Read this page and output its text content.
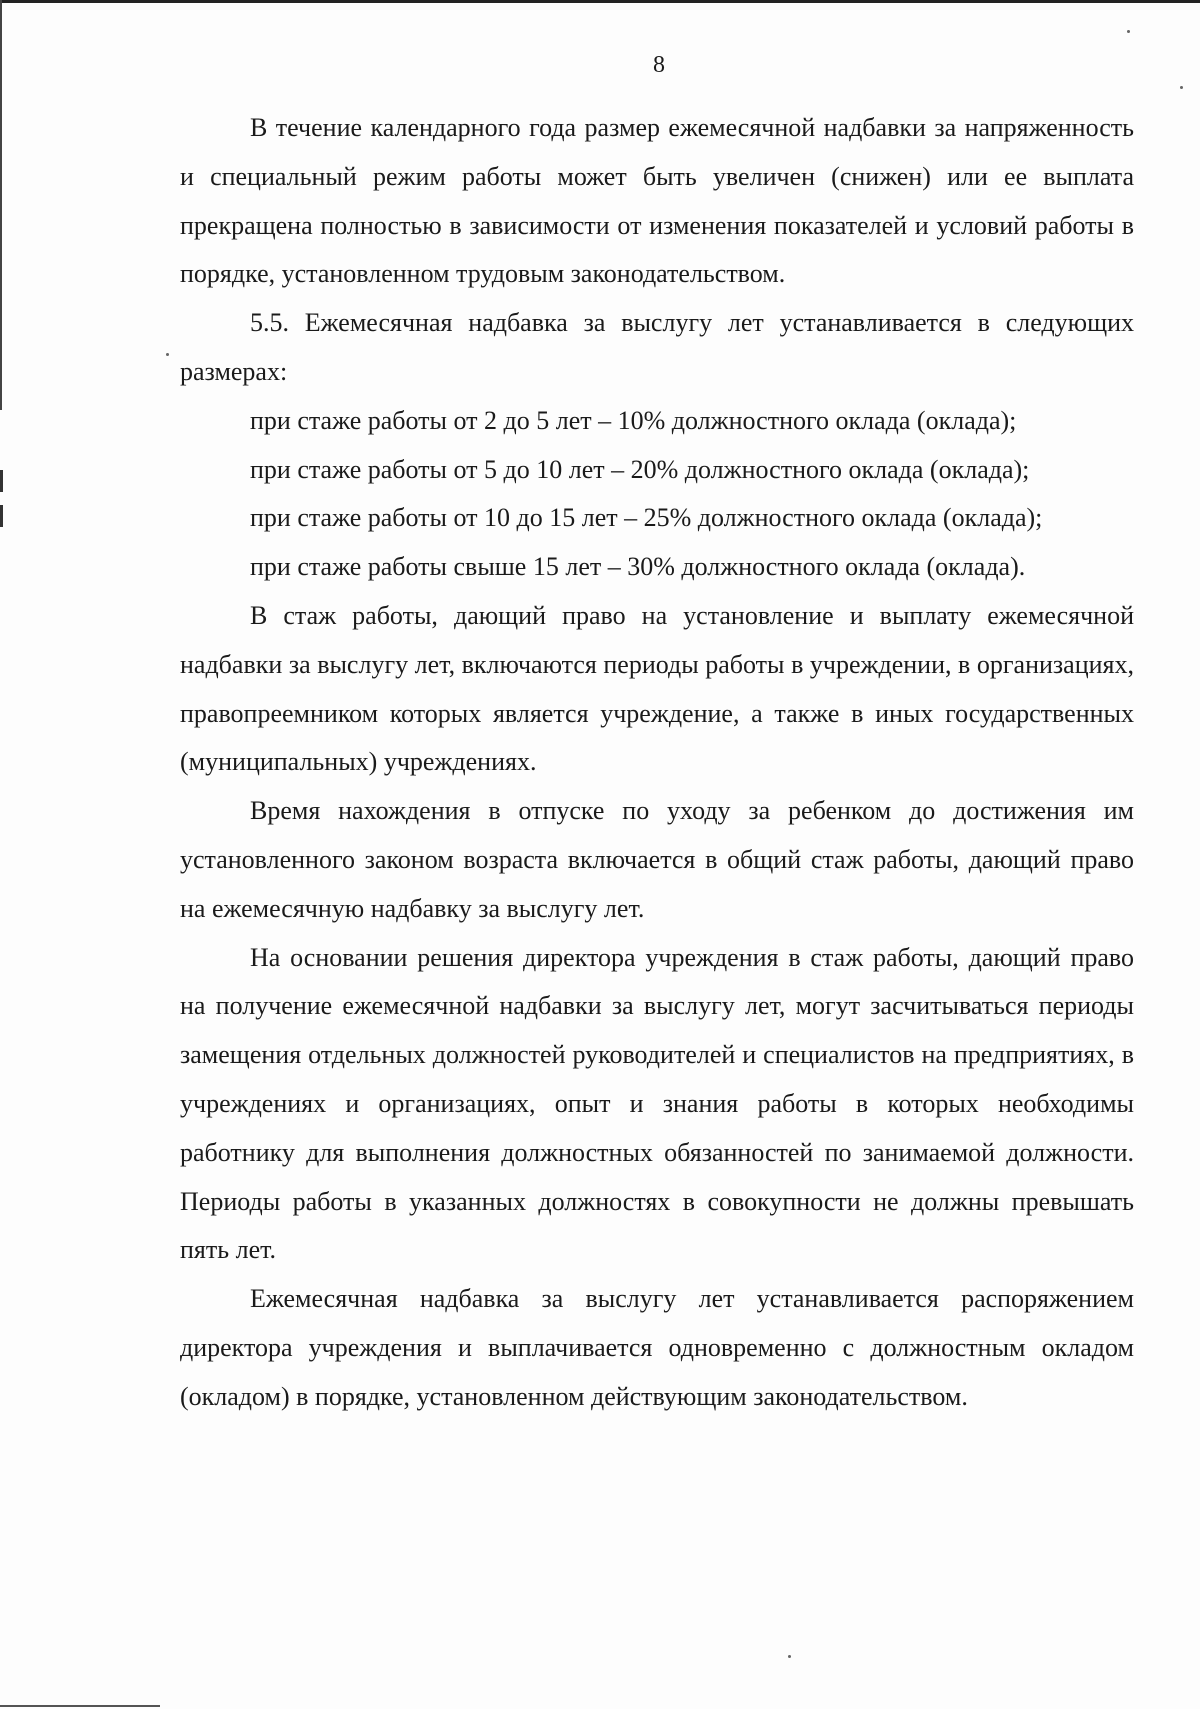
8

В течение календарного года размер ежемесячной надбавки за напряженность и специальный режим работы может быть увеличен (снижен) или ее выплата прекращена полностью в зависимости от изменения показателей и условий работы в порядке, установленном трудовым законодательством.

5.5. Ежемесячная надбавка за выслугу лет устанавливается в следующих размерах:

при стаже работы от 2 до 5 лет – 10% должностного оклада (оклада);

при стаже работы от 5 до 10 лет – 20% должностного оклада (оклада);

при стаже работы от 10 до 15 лет – 25% должностного оклада (оклада);

при стаже работы свыше 15 лет – 30% должностного оклада (оклада).

В стаж работы, дающий право на установление и выплату ежемесячной надбавки за выслугу лет, включаются периоды работы в учреждении, в организациях, правопреемником которых является учреждение, а также в иных государственных (муниципальных) учреждениях.

Время нахождения в отпуске по уходу за ребенком до достижения им установленного законом возраста включается в общий стаж работы, дающий право на ежемесячную надбавку за выслугу лет.

На основании решения директора учреждения в стаж работы, дающий право на получение ежемесячной надбавки за выслугу лет, могут засчитываться периоды замещения отдельных должностей руководителей и специалистов на предприятиях, в учреждениях и организациях, опыт и знания работы в которых необходимы работнику для выполнения должностных обязанностей по занимаемой должности. Периоды работы в указанных должностях в совокупности не должны превышать пять лет.

Ежемесячная надбавка за выслугу лет устанавливается распоряжением директора учреждения и выплачивается одновременно с должностным окладом (окладом) в порядке, установленном действующим законодательством.
